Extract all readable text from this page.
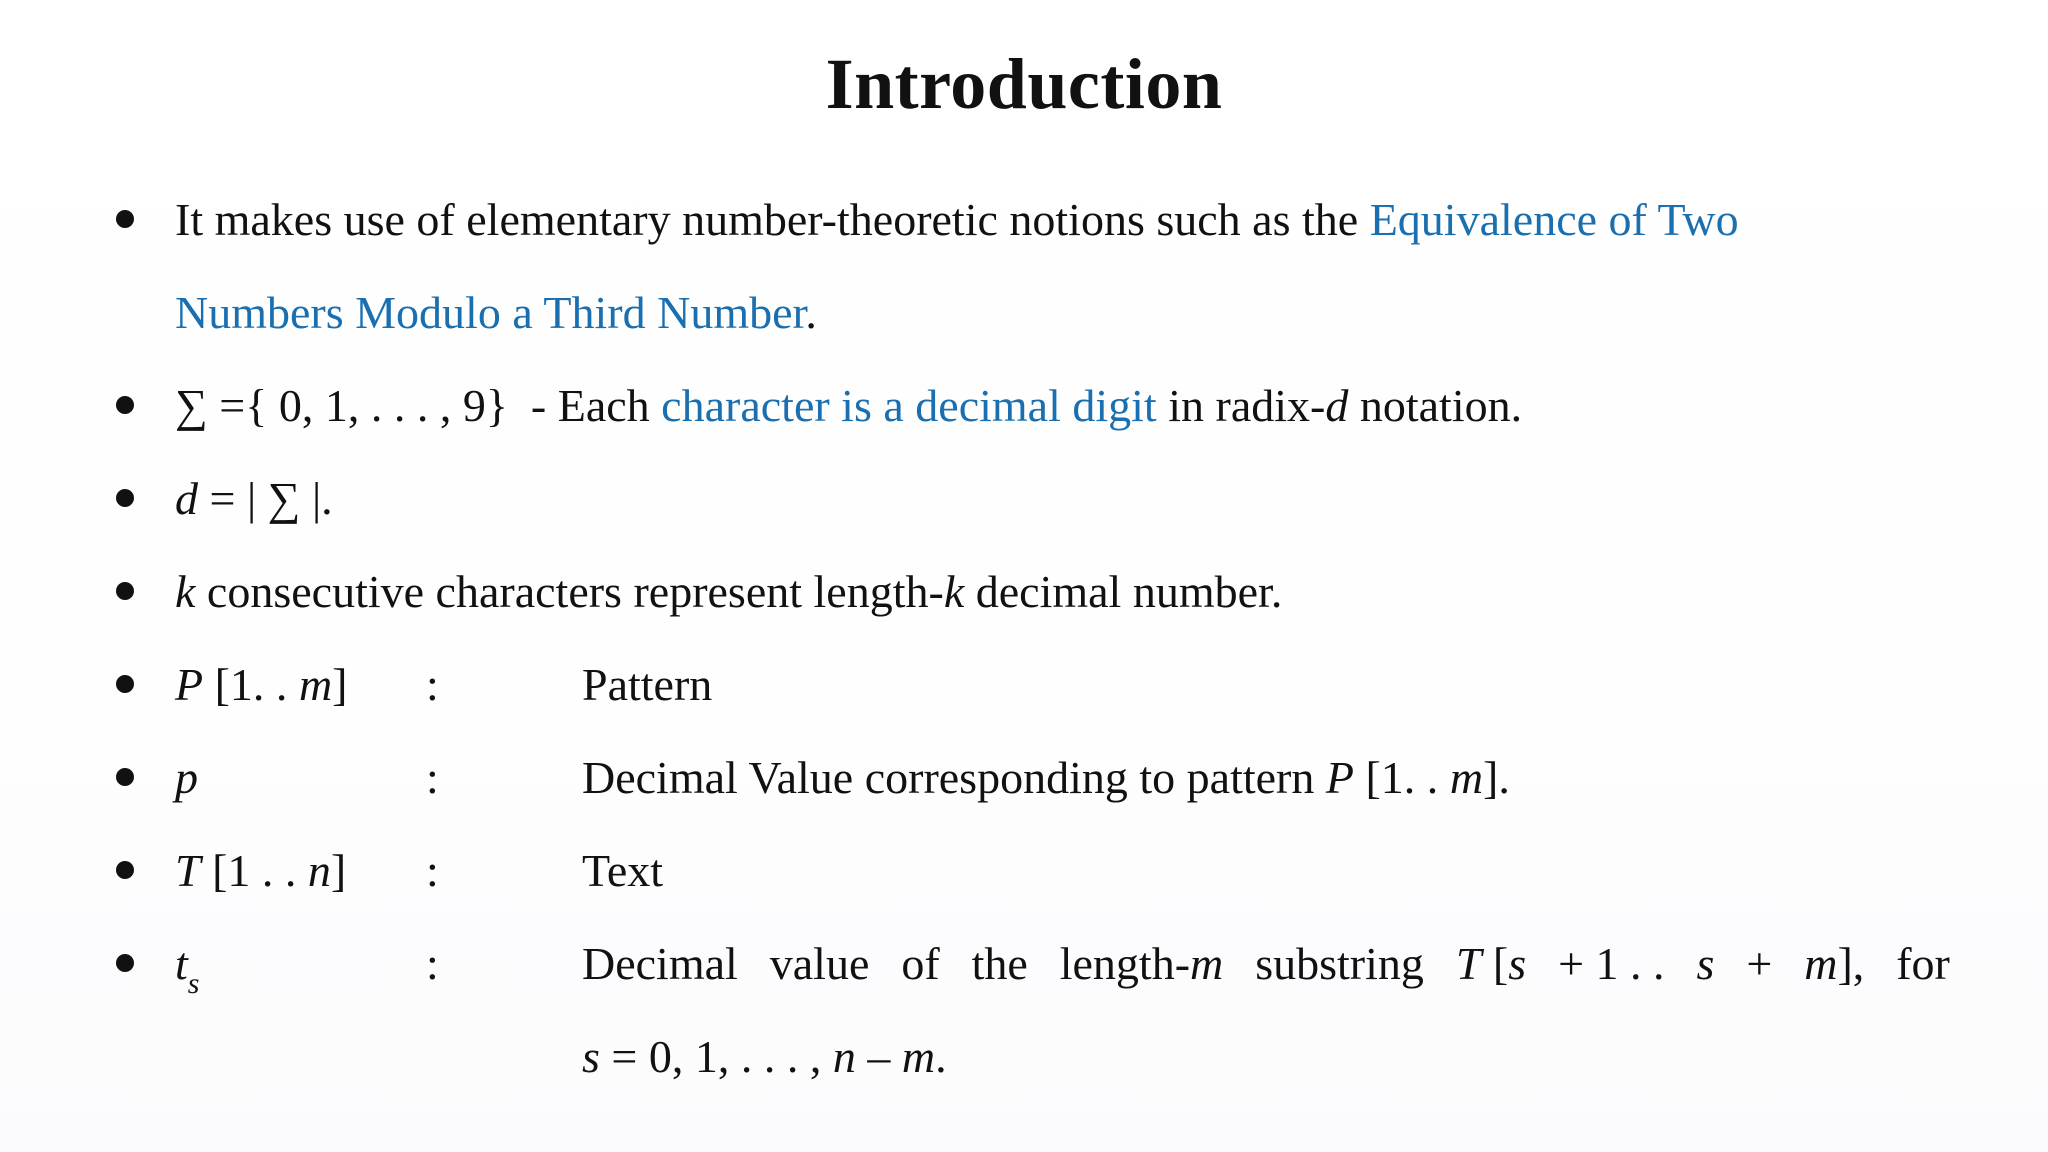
Introduction
It makes use of elementary number-theoretic notions such as the Equivalence of Two
Numbers Modulo a Third Number.
∑ ={ 0, 1, . . . , 9}  - Each character is a decimal digit in radix-d notation.
d = | ∑ |.
k consecutive characters represent length-k decimal number.
P [1. . m] :	Pattern
p	:	Decimal Value corresponding to pattern P [1. . m].
T [1 . . n] :	Text
$t_s$	:	Decimal value of the length-m substring T [s + 1 . . s + m], for
s = 0, 1, . . . , n – m.
